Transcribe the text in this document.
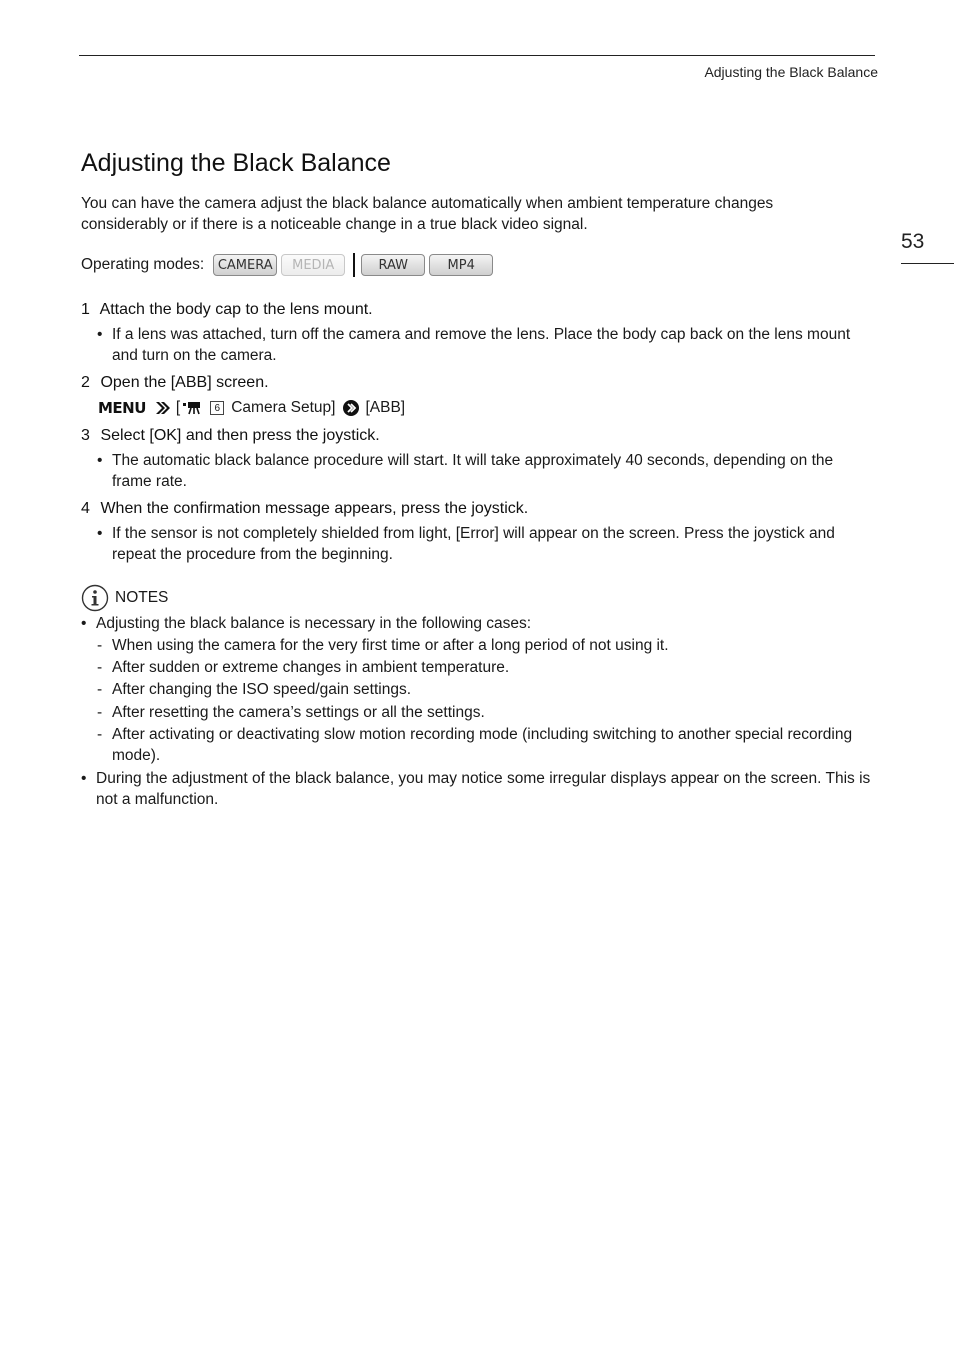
Adjusting the Black Balance
53
Adjusting the Black Balance
You can have the camera adjust the black balance automatically when ambient temperature changes considerably or if there is a noticeable change in a true black video signal.
Operating modes:	CAMERA	MEDIA	RAW	MP4
1 Attach the body cap to the lens mount.
• If a lens was attached, turn off the camera and remove the lens. Place the body cap back on the lens mount and turn on the camera.
2 Open the [ABB] screen.
MENU [	6 Camera Setup] [ABB]
3 Select [OK] and then press the joystick.
• The automatic black balance procedure will start. It will take approximately 40 seconds, depending on the frame rate.
4 When the confirmation message appears, press the joystick.
• If the sensor is not completely shielded from light, [Error] will appear on the screen. Press the joystick and repeat the procedure from the beginning.
NOTES
• Adjusting the black balance is necessary in the following cases:
- When using the camera for the very first time or after a long period of not using it.
- After sudden or extreme changes in ambient temperature.
- After changing the ISO speed/gain settings.
- After resetting the camera’s settings or all the settings.
- After activating or deactivating slow motion recording mode (including switching to another special recording mode).
• During the adjustment of the black balance, you may notice some irregular displays appear on the screen. This is not a malfunction.
